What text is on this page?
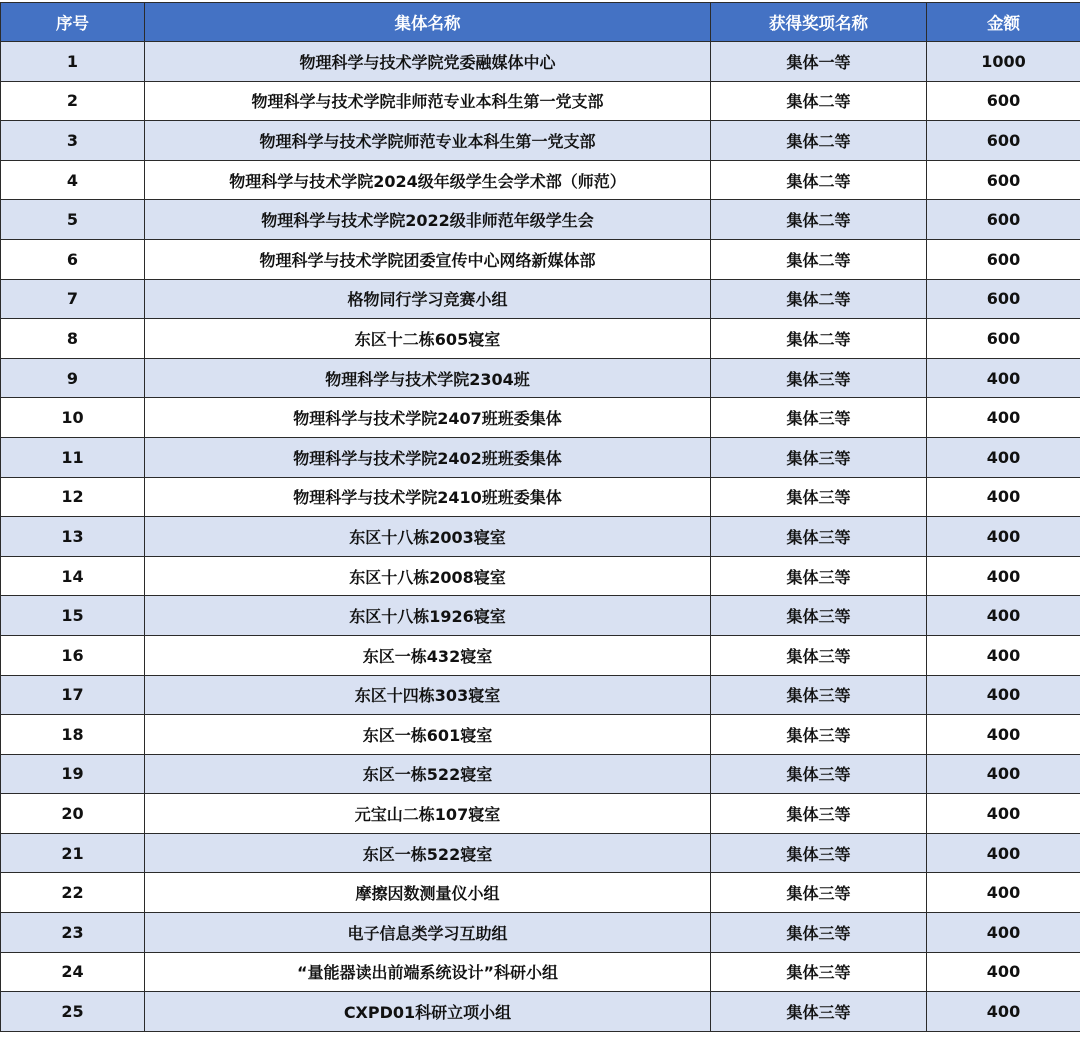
序号	集体名称	获得奖项名称	金额
1	物理科学与技术学院党委融媒体中心	集体一等	1000
2	物理科学与技术学院非师范专业本科生第一党支部	集体二等	600
3	物理科学与技术学院师范专业本科生第一党支部	集体二等	600
4	物理科学与技术学院2024级年级学生会学术部（师范）	集体二等	600
5	物理科学与技术学院2022级非师范年级学生会	集体二等	600
6	物理科学与技术学院团委宣传中心网络新媒体部	集体二等	600
7	格物同行学习竞赛小组	集体二等	600
8	东区十二栋605寝室	集体二等	600
9	物理科学与技术学院2304班	集体三等	400
10	物理科学与技术学院2407班班委集体	集体三等	400
11	物理科学与技术学院2402班班委集体	集体三等	400
12	物理科学与技术学院2410班班委集体	集体三等	400
13	东区十八栋2003寝室	集体三等	400
14	东区十八栋2008寝室	集体三等	400
15	东区十八栋1926寝室	集体三等	400
16	东区一栋432寝室	集体三等	400
17	东区十四栋303寝室	集体三等	400
18	东区一栋601寝室	集体三等	400
19	东区一栋522寝室	集体三等	400
20	元宝山二栋107寝室	集体三等	400
21	东区一栋522寝室	集体三等	400
22	摩擦因数测量仪小组	集体三等	400
23	电子信息类学习互助组	集体三等	400
24	“量能器读出前端系统设计”科研小组	集体三等	400
25	CXPD01科研立项小组	集体三等	400
